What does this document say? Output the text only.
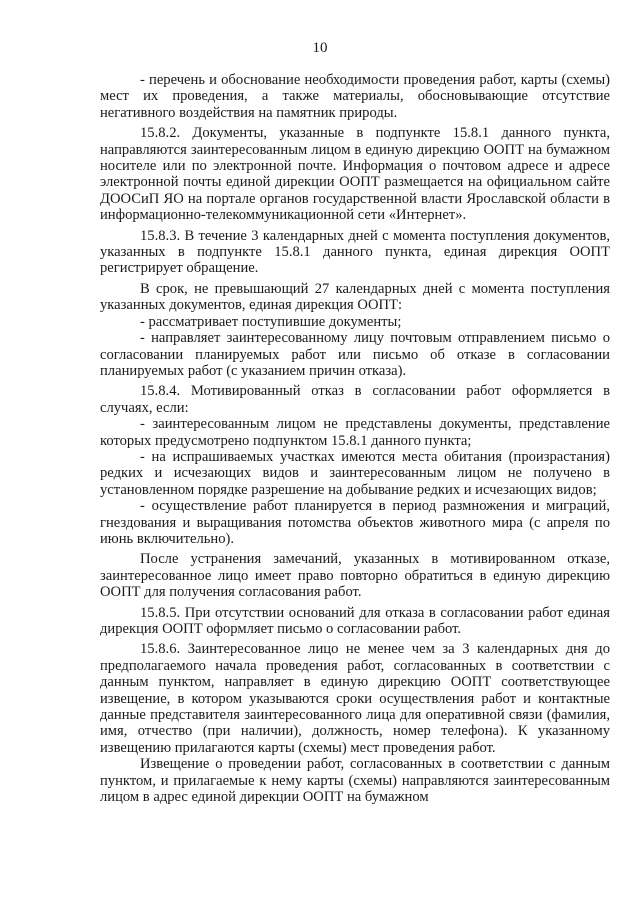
10

- перечень и обоснование необходимости проведения работ, карты (схемы) мест их проведения, а также материалы, обосновывающие отсутствие негативного воздействия на памятник природы.

15.8.2. Документы, указанные в подпункте 15.8.1 данного пункта, направляются заинтересованным лицом в единую дирекцию ООПТ на бумажном носителе или по электронной почте. Информация о почтовом адресе и адресе электронной почты единой дирекции ООПТ размещается на официальном сайте ДООСиП ЯО на портале органов государственной власти Ярославской области в информационно-телекоммуникационной сети «Интернет».

15.8.3. В течение 3 календарных дней с момента поступления документов, указанных в подпункте 15.8.1 данного пункта, единая дирекция ООПТ регистрирует обращение.

В срок, не превышающий 27 календарных дней с момента поступления указанных документов, единая дирекция ООПТ:

- рассматривает поступившие документы;

- направляет заинтересованному лицу почтовым отправлением письмо о согласовании планируемых работ или письмо об отказе в согласовании планируемых работ (с указанием причин отказа).

15.8.4. Мотивированный отказ в согласовании работ оформляется в случаях, если:

- заинтересованным лицом не представлены документы, представление которых предусмотрено подпунктом 15.8.1 данного пункта;

- на испрашиваемых участках имеются места обитания (произрастания) редких и исчезающих видов и заинтересованным лицом не получено в установленном порядке разрешение на добывание редких и исчезающих видов;

- осуществление работ планируется в период размножения и миграций, гнездования и выращивания потомства объектов животного мира (с апреля по июнь включительно).

После устранения замечаний, указанных в мотивированном отказе, заинтересованное лицо имеет право повторно обратиться в единую дирекцию ООПТ для получения согласования работ.

15.8.5. При отсутствии оснований для отказа в согласовании работ единая дирекция ООПТ оформляет письмо о согласовании работ.

15.8.6. Заинтересованное лицо не менее чем за 3 календарных дня до предполагаемого начала проведения работ, согласованных в соответствии с данным пунктом, направляет в единую дирекцию ООПТ соответствующее извещение, в котором указываются сроки осуществления работ и контактные данные представителя заинтересованного лица для оперативной связи (фамилия, имя, отчество (при наличии), должность, номер телефона). К указанному извещению прилагаются карты (схемы) мест проведения работ.

Извещение о проведении работ, согласованных в соответствии с данным пунктом, и прилагаемые к нему карты (схемы) направляются заинтересованным лицом в адрес единой дирекции ООПТ на бумажном
